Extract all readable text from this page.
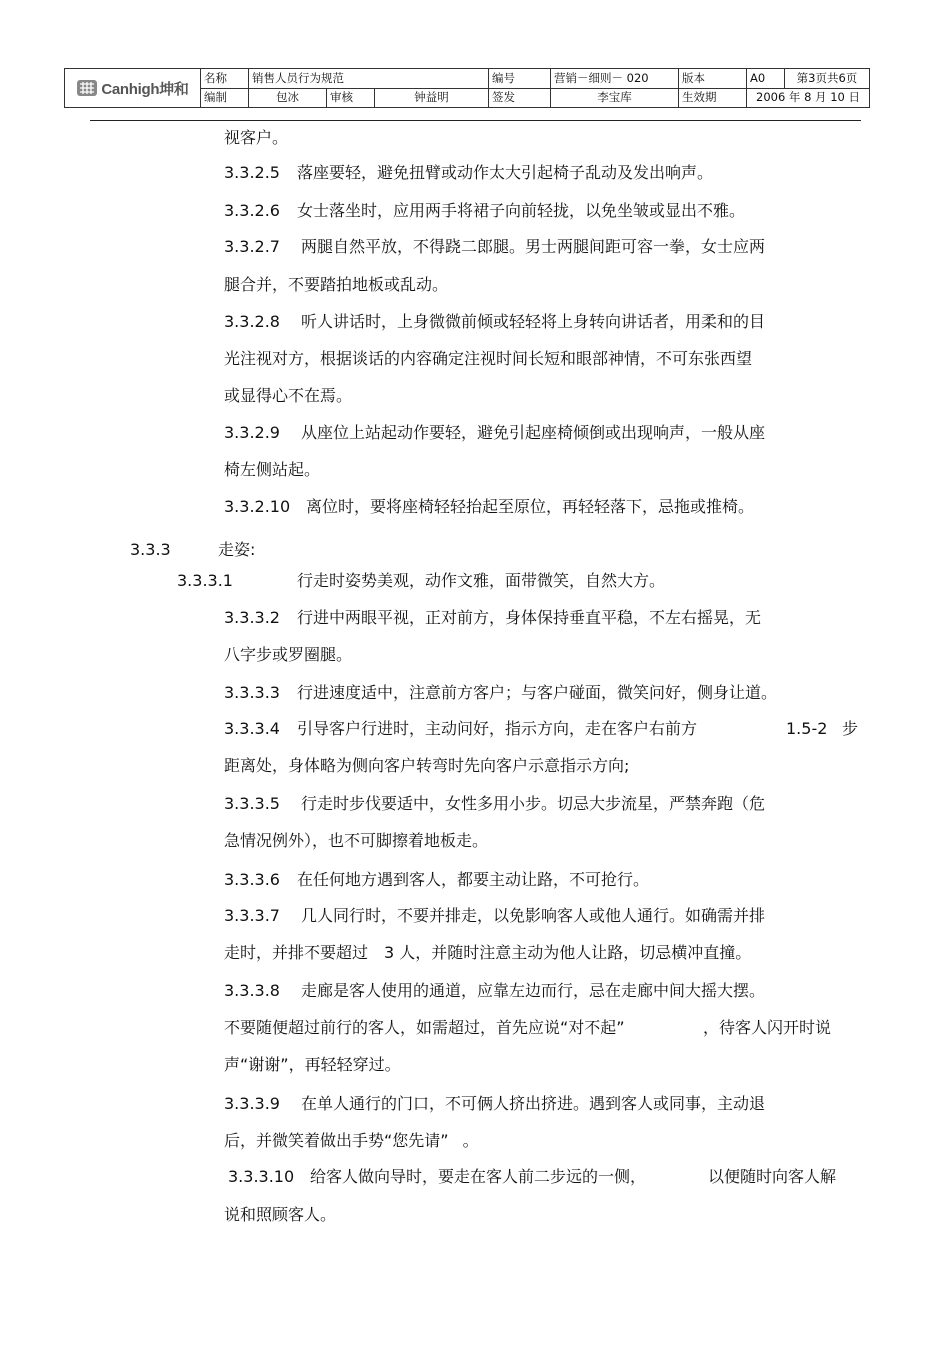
Canhigh坤和
名称	销售人员行为规范	编号	营销－细则－ 020	版本	A0	第3页共6页
编制	包冰	审核	钟益明	签发	李宝库	生效期	2006 年 8 月 10 日
视客户。
3.3.2.5 落座要轻，避免扭臂或动作太大引起椅子乱动及发出响声。
3.3.2.6 女士落坐时，应用两手将裙子向前轻拢，以免坐皱或显出不雅。
3.3.2.7 两腿自然平放，不得跷二郎腿。男士两腿间距可容一拳，女士应两
腿合并，不要踏拍地板或乱动。
3.3.2.8 听人讲话时，上身微微前倾或轻轻将上身转向讲话者，用柔和的目
光注视对方，根据谈话的内容确定注视时间长短和眼部神情，不可东张西望
或显得心不在焉。
3.3.2.9 从座位上站起动作要轻，避免引起座椅倾倒或出现响声，一般从座
椅左侧站起。
3.3.2.10 离位时，要将座椅轻轻抬起至原位，再轻轻落下，忌拖或推椅。
3.3.3	走姿:
3.3.3.1	行走时姿势美观，动作文雅，面带微笑，自然大方。
3.3.3.2 行进中两眼平视，正对前方，身体保持垂直平稳，不左右摇晃，无
八字步或罗圈腿。
3.3.3.3 行进速度适中，注意前方客户；与客户碰面，微笑问好，侧身让道。
3.3.3.4 引导客户行进时，主动问好，指示方向，走在客户右前方	1.5-2 步
距离处，身体略为侧向客户转弯时先向客户示意指示方向;
3.3.3.5 行走时步伐要适中，女性多用小步。切忌大步流星，严禁奔跑（危
急情况例外），也不可脚擦着地板走。
3.3.3.6 在任何地方遇到客人，都要主动让路，不可抢行。
3.3.3.7 几人同行时，不要并排走，以免影响客人或他人通行。如确需并排
走时，并排不要超过 3 人，并随时注意主动为他人让路，切忌横冲直撞。
3.3.3.8 走廊是客人使用的通道，应靠左边而行，忌在走廊中间大摇大摆。
不要随便超过前行的客人，如需超过，首先应说“对不起”	，待客人闪开时说
声“谢谢”，再轻轻穿过。
3.3.3.9 在单人通行的门口，不可俩人挤出挤进。遇到客人或同事，主动退
后，并微笑着做出手势“您先请” 。
3.3.3.10 给客人做向导时，要走在客人前二步远的一侧，	以便随时向客人解
说和照顾客人。
